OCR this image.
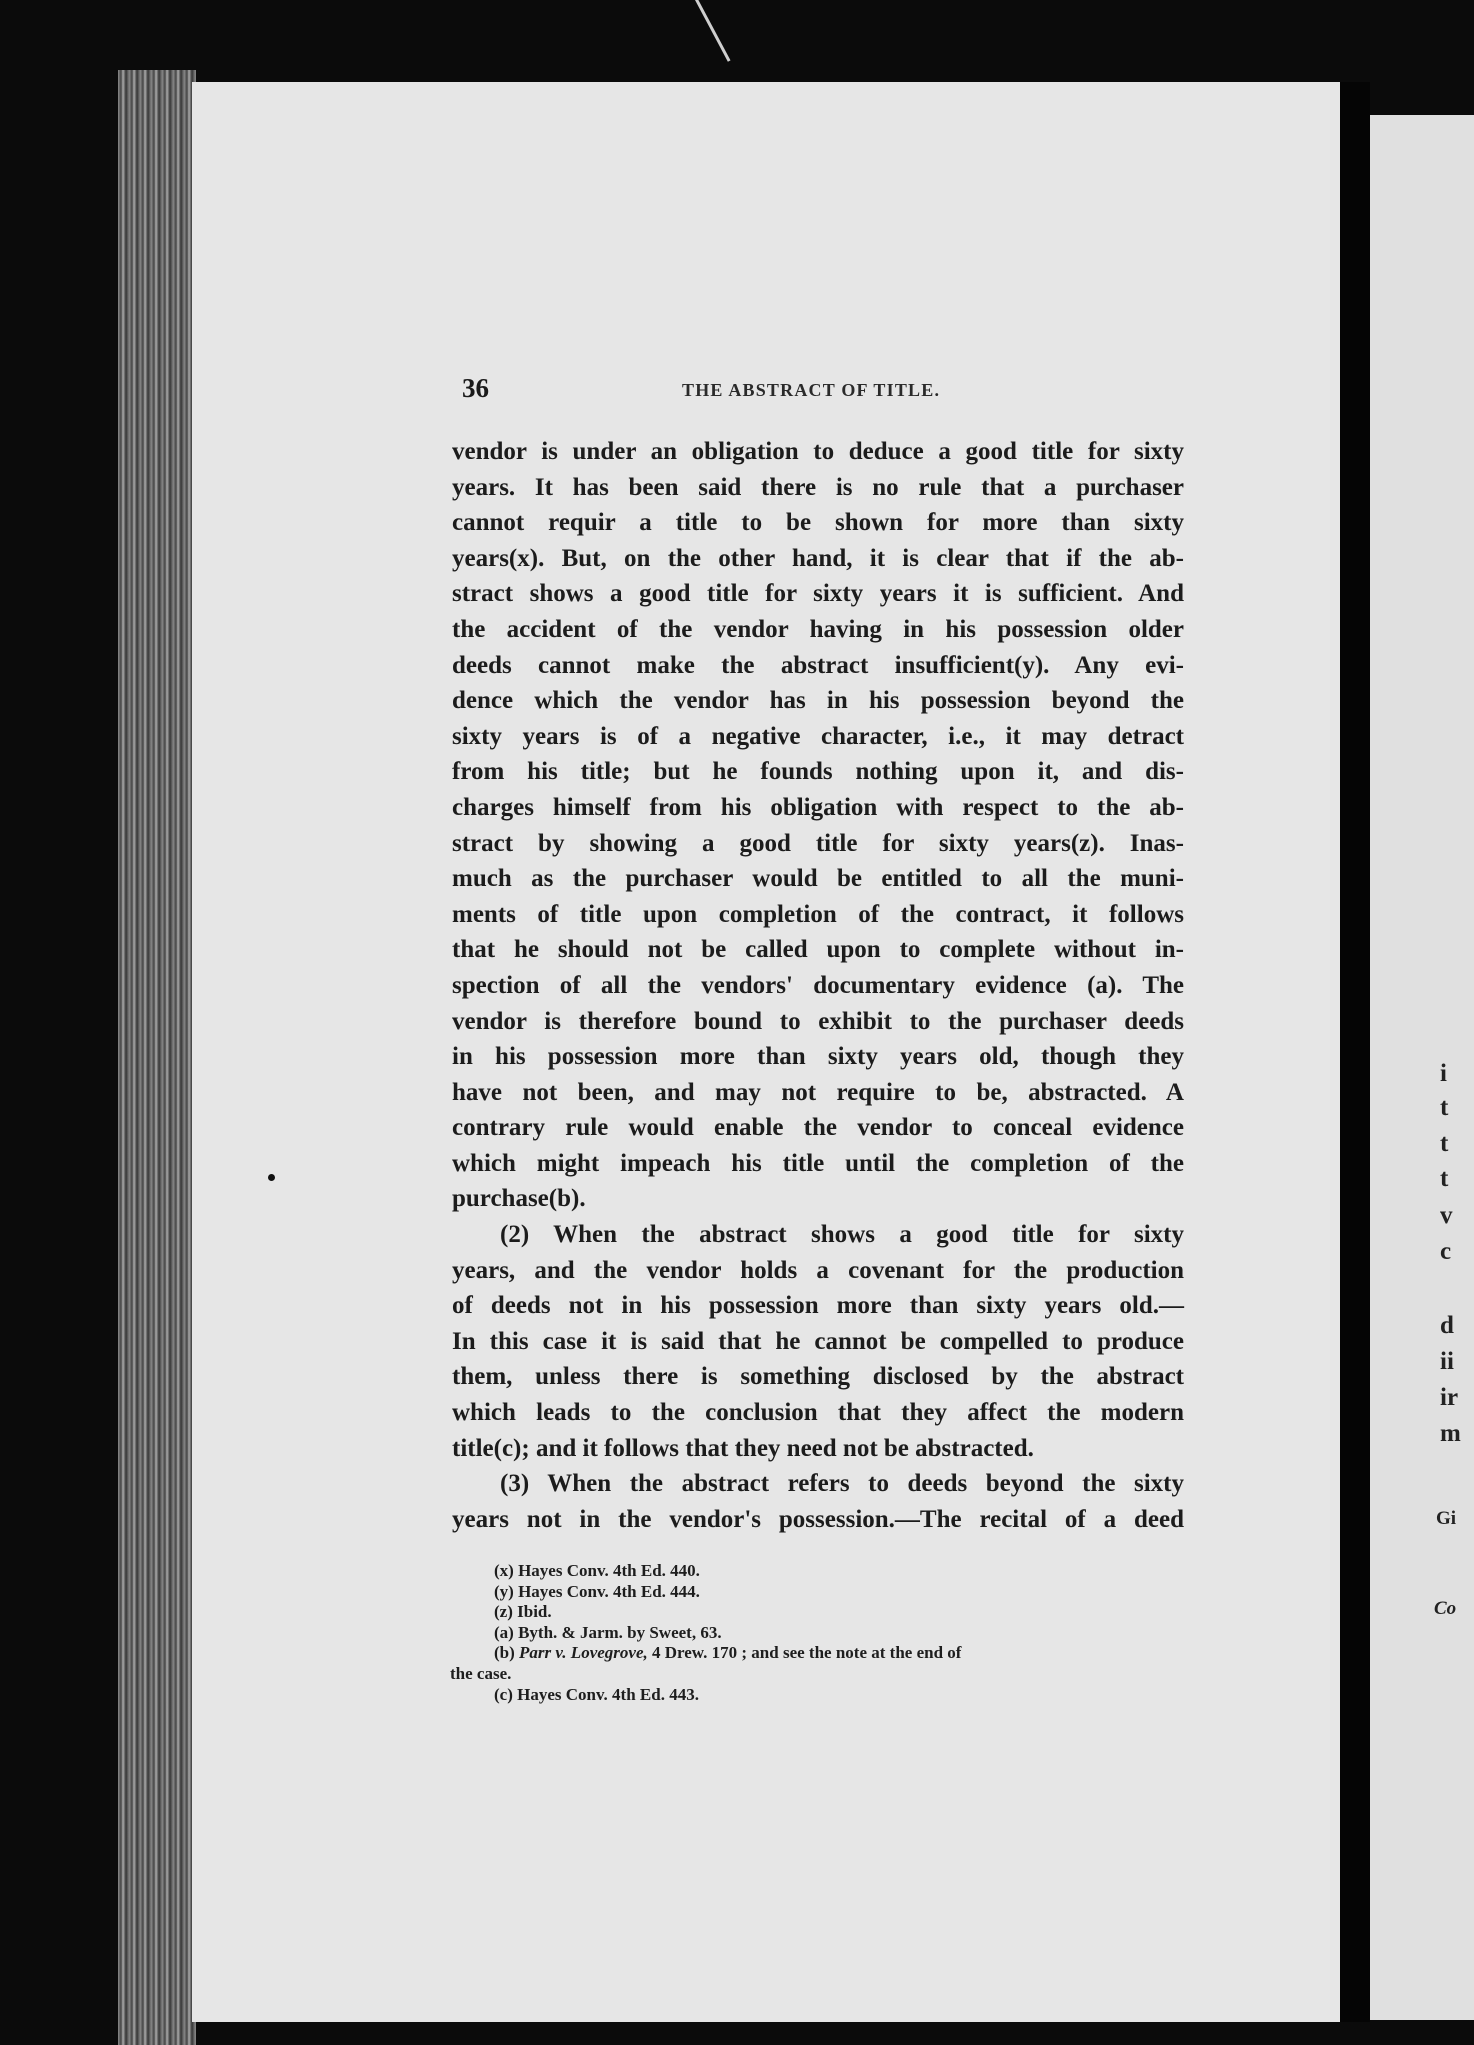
36	THE ABSTRACT OF TITLE.
vendor is under an obligation to deduce a good title for sixty
years. It has been said there is no rule that a purchaser
cannot requir a title to be shown for more than sixty
years(x). But, on the other hand, it is clear that if the ab-
stract shows a good title for sixty years it is sufficient. And
the accident of the vendor having in his possession older
deeds cannot make the abstract insufficient(y). Any evi-
dence which the vendor has in his possession beyond the
sixty years is of a negative character, i.e., it may detract
from his title; but he founds nothing upon it, and dis-
charges himself from his obligation with respect to the ab-
stract by showing a good title for sixty years(z). Inas-
much as the purchaser would be entitled to all the muni-
ments of title upon completion of the contract, it follows
that he should not be called upon to complete without in-
spection of all the vendors' documentary evidence (a). The
vendor is therefore bound to exhibit to the purchaser deeds
in his possession more than sixty years old, though they
have not been, and may not require to be, abstracted. A
contrary rule would enable the vendor to conceal evidence
which might impeach his title until the completion of the
purchase(b).
(2) When the abstract shows a good title for sixty
years, and the vendor holds a covenant for the production
of deeds not in his possession more than sixty years old.—
In this case it is said that he cannot be compelled to produce
them, unless there is something disclosed by the abstract
which leads to the conclusion that they affect the modern
title(c); and it follows that they need not be abstracted.
(3) When the abstract refers to deeds beyond the sixty
years not in the vendor's possession.—The recital of a deed
(x) Hayes Conv. 4th Ed. 440.
(y) Hayes Conv. 4th Ed. 444.
(z) Ibid.
(a) Byth. & Jarm. by Sweet, 63.
(b) Parr v. Lovegrove, 4 Drew. 170 ; and see the note at the end of
the case.
(c) Hayes Conv. 4th Ed. 443.
i
t
t
t
v
c
d
ii
ir
m
Gi
Co
